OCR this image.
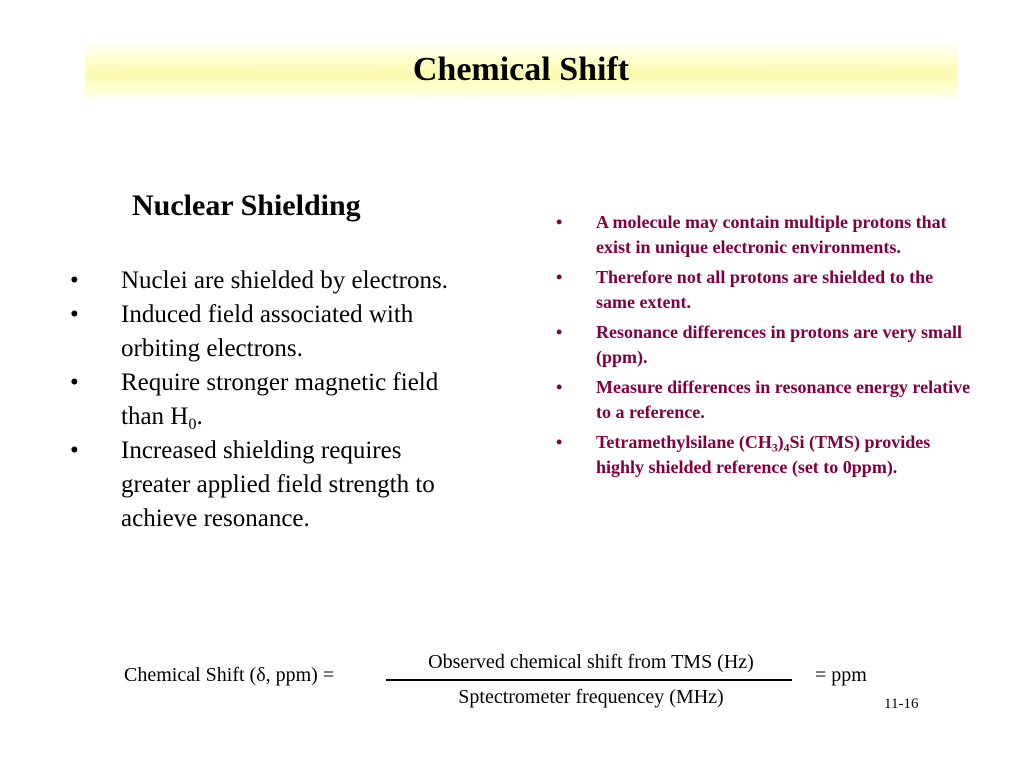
Chemical Shift
Nuclear Shielding
• Nuclei are shielded by electrons.
• Induced field associated with orbiting electrons.
• Require stronger magnetic field than $H_0$.
• Increased shielding requires greater applied field strength to achieve resonance.
• A molecule may contain multiple protons that exist in unique electronic environments.
• Therefore not all protons are shielded to the same extent.
• Resonance differences in protons are very small (ppm).
• Measure differences in resonance energy relative to a reference.
• Tetramethylsilane $(CH_3)_4Si$ (TMS) provides highly shielded reference (set to 0ppm).
Chemical Shift (δ, ppm) =
Observed chemical shift from TMS (Hz)
Sptectrometer frequencey (MHz)
= ppm
11-16
